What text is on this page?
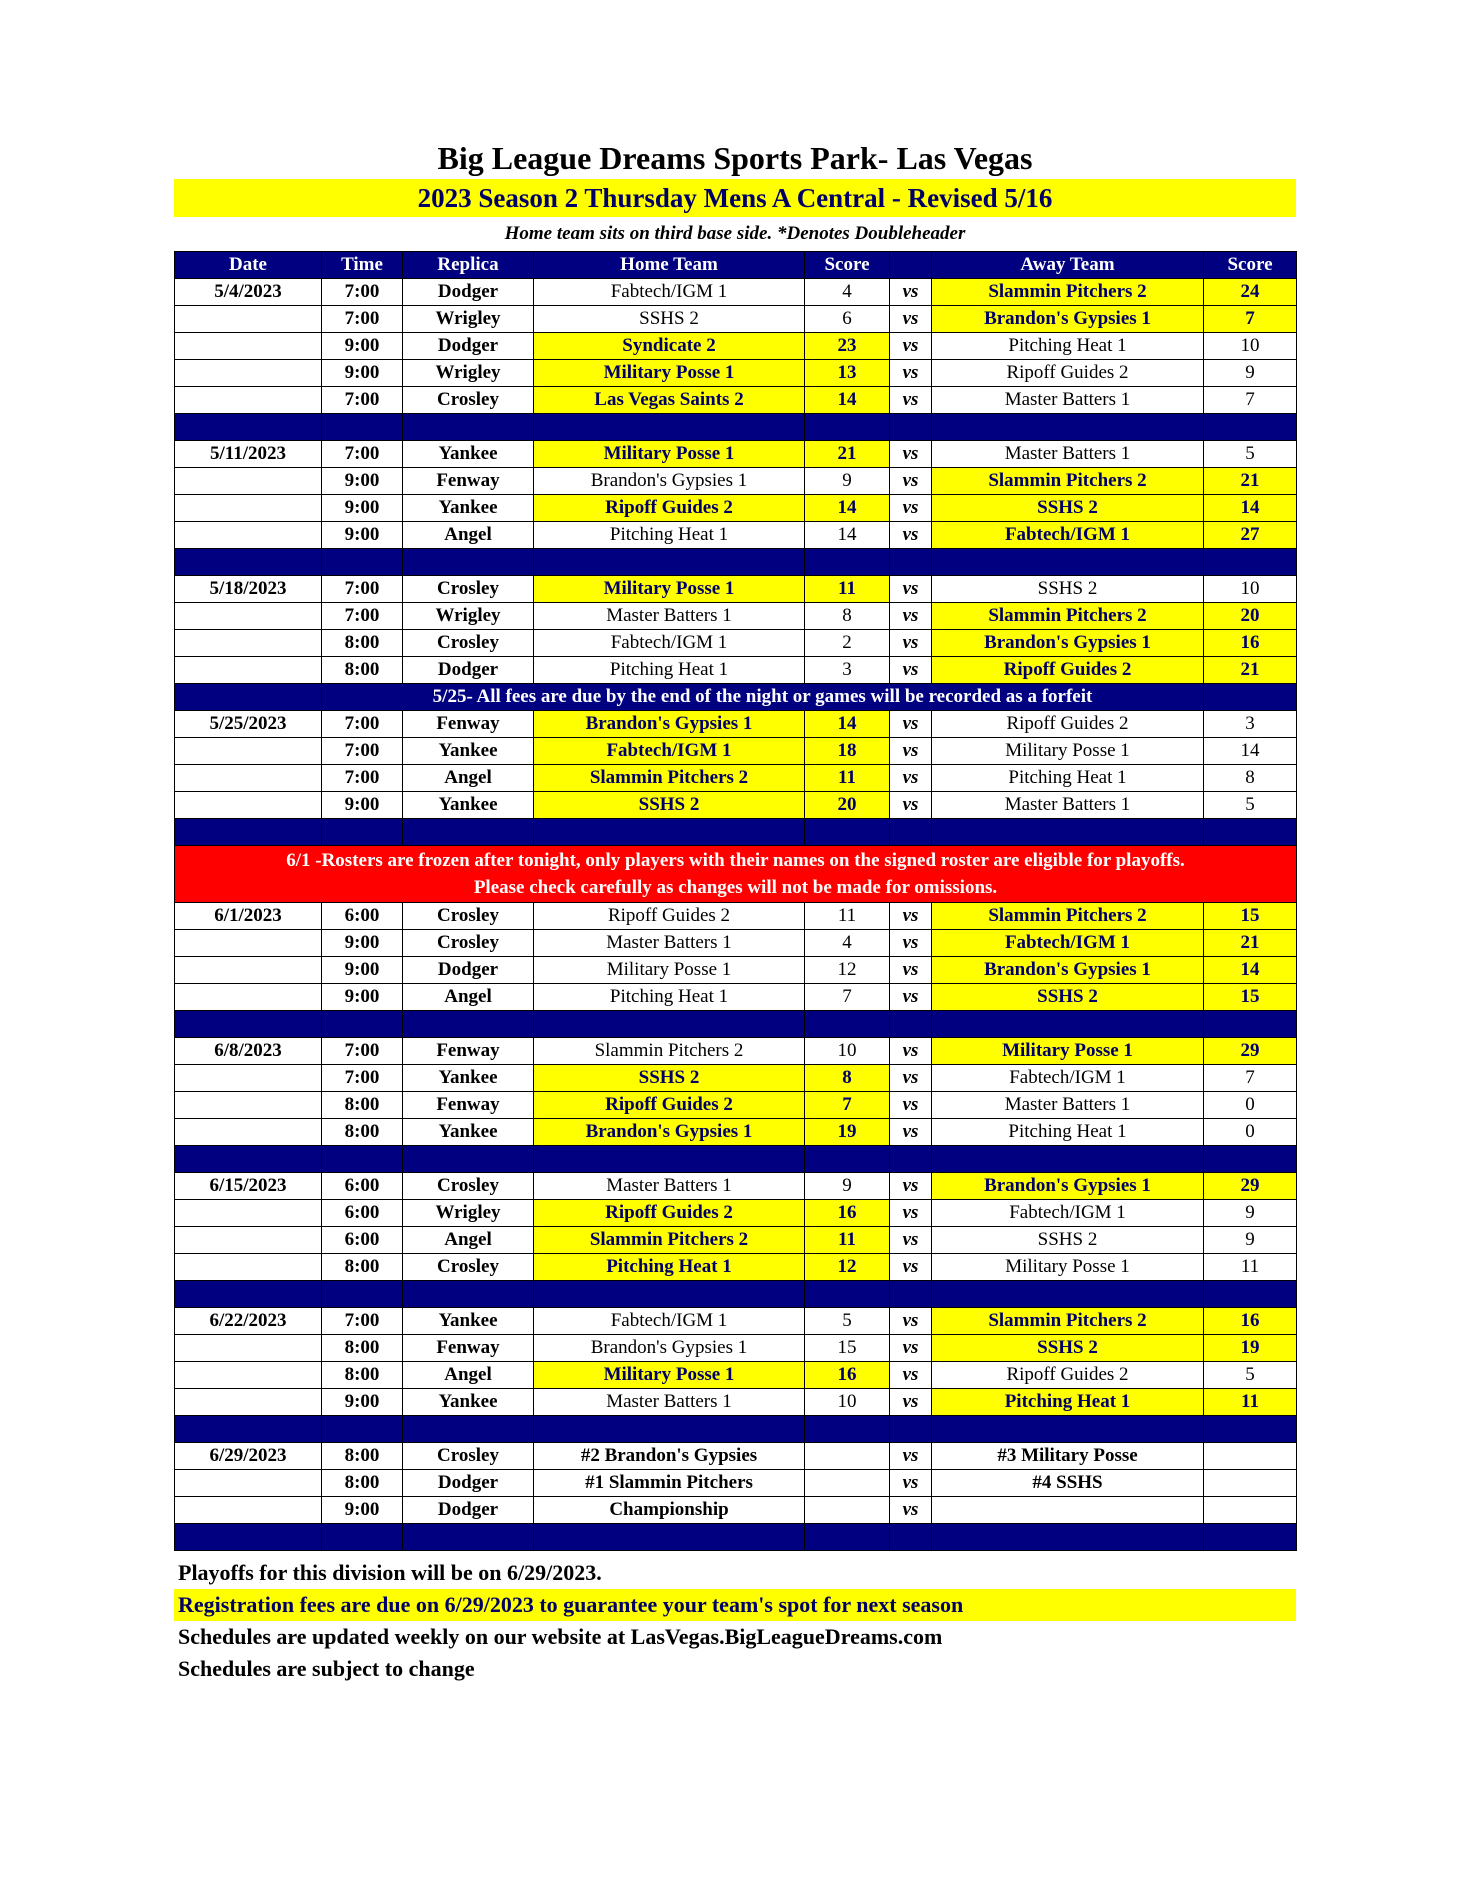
Big League Dreams Sports Park- Las Vegas
2023 Season 2 Thursday Mens A Central - Revised 5/16
Home team sits on third base side. *Denotes Doubleheader
Date	Time	Replica	Home Team	Score		Away Team	Score
5/4/2023	7:00	Dodger	Fabtech/IGM 1	4	vs	Slammin Pitchers 2	24
	7:00	Wrigley	SSHS 2	6	vs	Brandon's Gypsies 1	7
	9:00	Dodger	Syndicate 2	23	vs	Pitching Heat 1	10
	9:00	Wrigley	Military Posse 1	13	vs	Ripoff Guides 2	9
	7:00	Crosley	Las Vegas Saints 2	14	vs	Master Batters 1	7

5/11/2023	7:00	Yankee	Military Posse 1	21	vs	Master Batters 1	5
	9:00	Fenway	Brandon's Gypsies 1	9	vs	Slammin Pitchers 2	21
	9:00	Yankee	Ripoff Guides 2	14	vs	SSHS 2	14
	9:00	Angel	Pitching Heat 1	14	vs	Fabtech/IGM 1	27

5/18/2023	7:00	Crosley	Military Posse 1	11	vs	SSHS 2	10
	7:00	Wrigley	Master Batters 1	8	vs	Slammin Pitchers 2	20
	8:00	Crosley	Fabtech/IGM 1	2	vs	Brandon's Gypsies 1	16
	8:00	Dodger	Pitching Heat 1	3	vs	Ripoff Guides 2	21
	5/25- All fees are due by the end of the night or games will be recorded as a forfeit						
5/25/2023	7:00	Fenway	Brandon's Gypsies 1	14	vs	Ripoff Guides 2	3
	7:00	Yankee	Fabtech/IGM 1	18	vs	Military Posse 1	14
	7:00	Angel	Slammin Pitchers 2	11	vs	Pitching Heat 1	8
	9:00	Yankee	SSHS 2	20	vs	Master Batters 1	5

6/1 -Rosters are frozen after tonight, only players with their names on the signed roster are eligible for playoffs.
Please check carefully as changes will not be made for omissions.							

6/1/2023	6:00	Crosley	Ripoff Guides 2	11	vs	Slammin Pitchers 2	15
	9:00	Crosley	Master Batters 1	4	vs	Fabtech/IGM 1	21
	9:00	Dodger	Military Posse 1	12	vs	Brandon's Gypsies 1	14
	9:00	Angel	Pitching Heat 1	7	vs	SSHS 2	15

6/8/2023	7:00	Fenway	Slammin Pitchers 2	10	vs	Military Posse 1	29
	7:00	Yankee	SSHS 2	8	vs	Fabtech/IGM 1	7
	8:00	Fenway	Ripoff Guides 2	7	vs	Master Batters 1	0
	8:00	Yankee	Brandon's Gypsies 1	19	vs	Pitching Heat 1	0

6/15/2023	6:00	Crosley	Master Batters 1	9	vs	Brandon's Gypsies 1	29
	6:00	Wrigley	Ripoff Guides 2	16	vs	Fabtech/IGM 1	9
	6:00	Angel	Slammin Pitchers 2	11	vs	SSHS 2	9
	8:00	Crosley	Pitching Heat 1	12	vs	Military Posse 1	11

6/22/2023	7:00	Yankee	Fabtech/IGM 1	5	vs	Slammin Pitchers 2	16
	8:00	Fenway	Brandon's Gypsies 1	15	vs	SSHS 2	19
	8:00	Angel	Military Posse 1	16	vs	Ripoff Guides 2	5
	9:00	Yankee	Master Batters 1	10	vs	Pitching Heat 1	11

6/29/2023	8:00	Crosley	#2 Brandon's Gypsies		vs	#3 Military Posse	
	8:00	Dodger	#1 Slammin Pitchers		vs	#4 SSHS	
	9:00	Dodger	Championship		vs		

Playoffs for this division will be on 6/29/2023.
Registration fees are due on 6/29/2023 to guarantee your team's spot for next season
Schedules are updated weekly on our website at LasVegas.BigLeagueDreams.com
Schedules are subject to change
